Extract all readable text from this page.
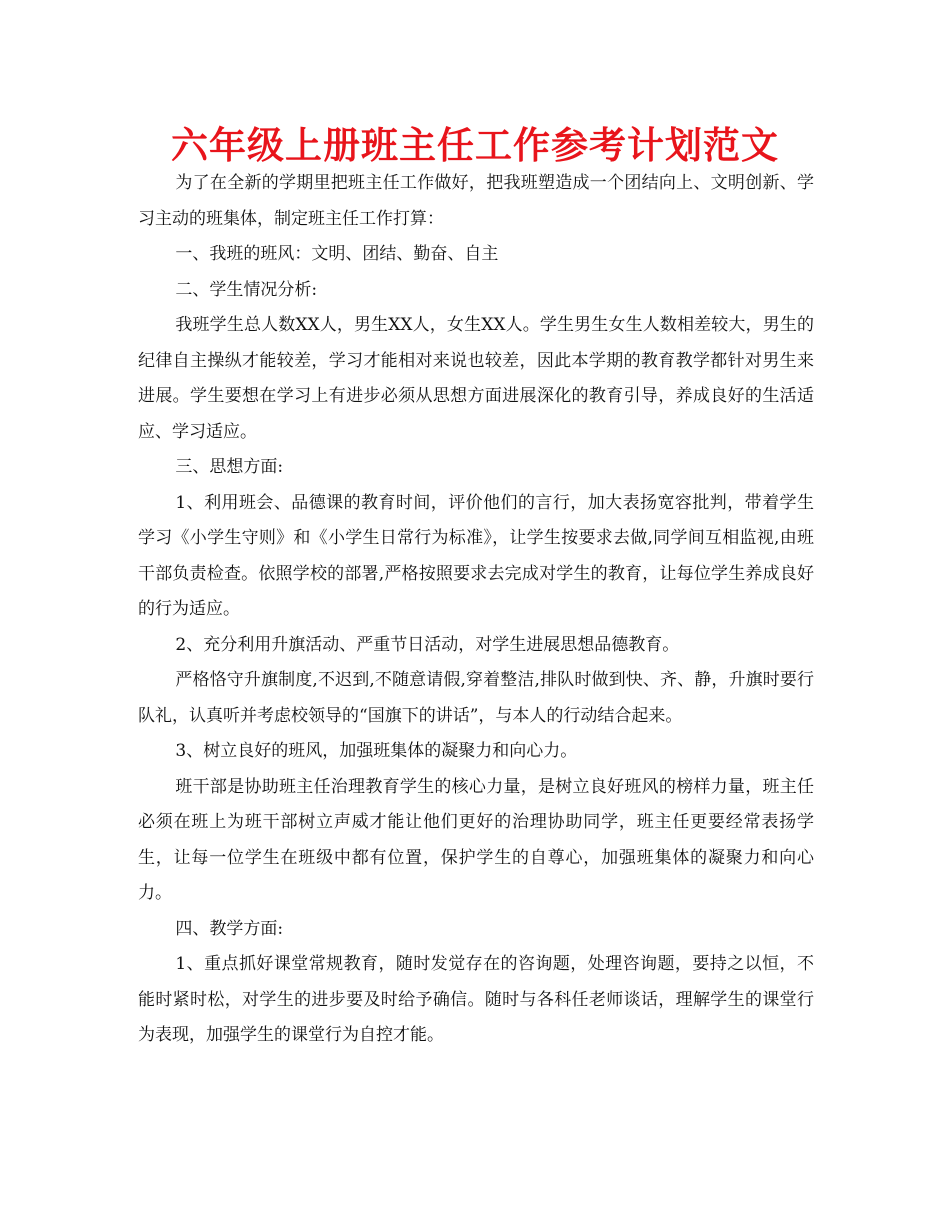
六年级上册班主任工作参考计划范文

为了在全新的学期里把班主任工作做好，把我班塑造成一个团结向上、文明创新、学习主动的班集体，制定班主任工作打算：

一、我班的班风：文明、团结、勤奋、自主

二、学生情况分析:

我班学生总人数XX人，男生XX人，女生XX人。学生男生女生人数相差较大，男生的纪律自主操纵才能较差，学习才能相对来说也较差，因此本学期的教育教学都针对男生来进展。学生要想在学习上有进步必须从思想方面进展深化的教育引导，养成良好的生活适应、学习适应。

三、思想方面:

1、利用班会、品德课的教育时间，评价他们的言行，加大表扬宽容批判，带着学生学习《小学生守则》和《小学生日常行为标准》，让学生按要求去做,同学间互相监视,由班干部负责检查。依照学校的部署,严格按照要求去完成对学生的教育，让每位学生养成良好的行为适应。

2、充分利用升旗活动、严重节日活动，对学生进展思想品德教育。

严格恪守升旗制度,不迟到,不随意请假,穿着整洁,排队时做到快、齐、静，升旗时要行队礼，认真听并考虑校领导的“国旗下的讲话”，与本人的行动结合起来。

3、树立良好的班风，加强班集体的凝聚力和向心力。

班干部是协助班主任治理教育学生的核心力量，是树立良好班风的榜样力量，班主任必须在班上为班干部树立声威才能让他们更好的治理协助同学，班主任更要经常表扬学生，让每一位学生在班级中都有位置，保护学生的自尊心，加强班集体的凝聚力和向心力。

四、教学方面:

1、重点抓好课堂常规教育，随时发觉存在的咨询题，处理咨询题，要持之以恒，不能时紧时松，对学生的进步要及时给予确信。随时与各科任老师谈话，理解学生的课堂行为表现，加强学生的课堂行为自控才能。
